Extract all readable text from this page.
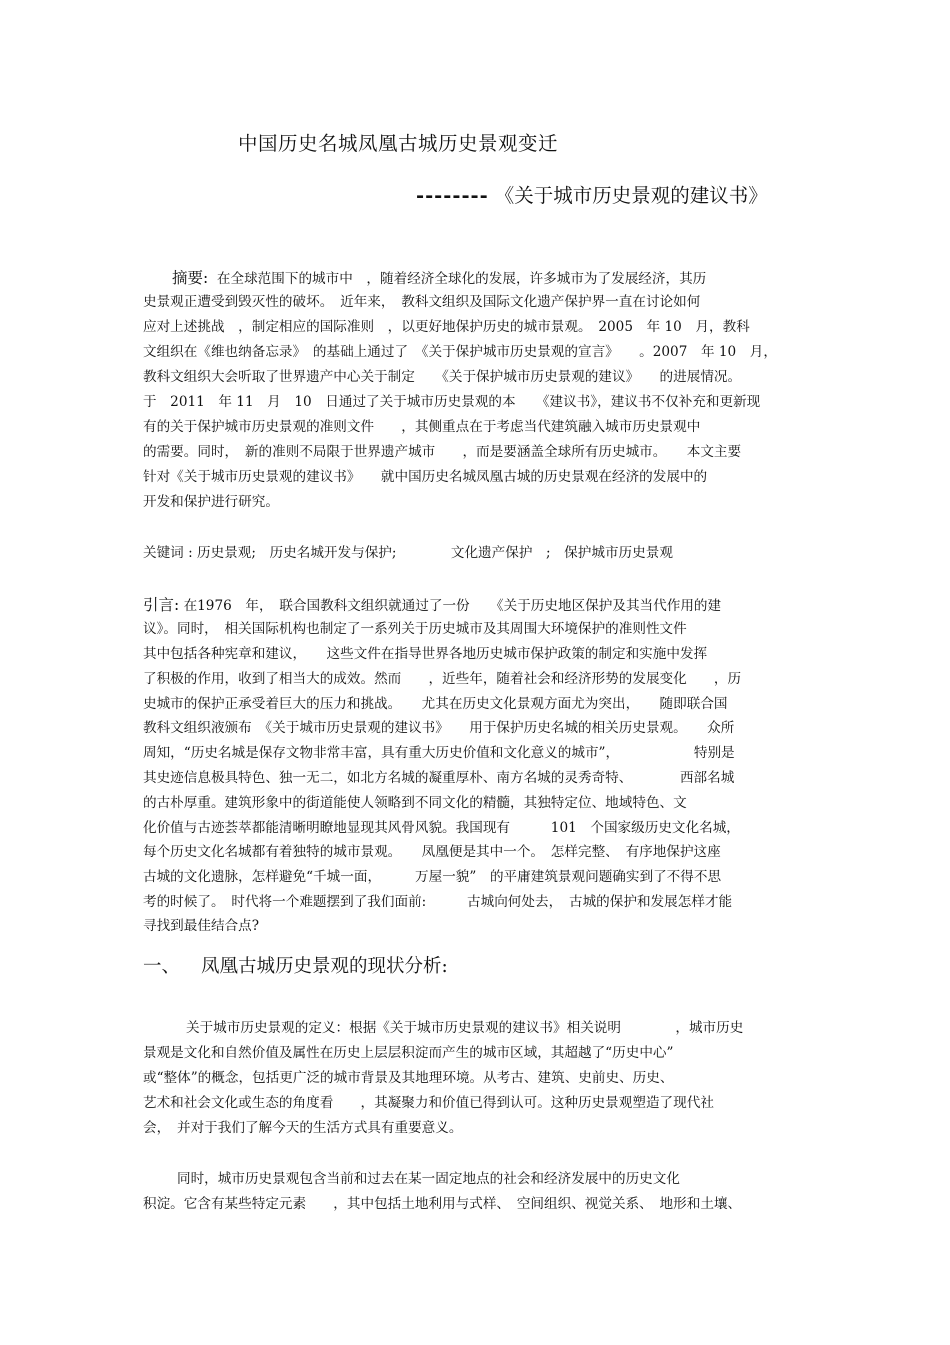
中国历史名城凤凰古城历史景观变迁
-------- 《关于城市历史景观的建议书》
摘要: 在全球范围下的城市中　，随着经济全球化的发展，许多城市为了发展经济，其历
史景观正遭受到毁灭性的破坏。　近年来，　教科文组织及国际文化遗产保护界一直在讨论如何
应对上述挑战　，制定相应的国际准则　，以更好地保护历史的城市景观。　2005　年 10　月，教科
文组织在《维也纳备忘录》　的基础上通过了　《关于保护城市历史景观的宣言》　　。2007　年 10　月，
教科文组织大会听取了世界遗产中心关于制定　　《关于保护城市历史景观的建议》　　的进展情况。
于　2011　年 11　月　10　日通过了关于城市历史景观的本　　《建议书》，建议书不仅补充和更新现
有的关于保护城市历史景观的准则文件　　，其侧重点在于考虑当代建筑融入城市历史景观中
的需要。同时，　新的准则不局限于世界遗产城市　　，而是要涵盖全球所有历史城市。　　本文主要
针对《关于城市历史景观的建议书》　　就中国历史名城凤凰古城的历史景观在经济的发展中的
开发和保护进行研究。
关键词 : 历史景观;　历史名城开发与保护;　　　　文化遗产保护　;　保护城市历史景观
引言: 在1976　年，　联合国教科文组织就通过了一份　　《关于历史地区保护及其当代作用的建
议》。同时，　相关国际机构也制定了一系列关于历史城市及其周围大环境保护的准则性文件
其中包括各种宪章和建议，　　这些文件在指导世界各地历史城市保护政策的制定和实施中发挥
了积极的作用，收到了相当大的成效。然而　　，近些年，随着社会和经济形势的发展变化　　，历
史城市的保护正承受着巨大的压力和挑战。　　尤其在历史文化景观方面尤为突出，　　随即联合国
教科文组织液颁布　《关于城市历史景观的建议书》　　用于保护历史名城的相关历史景观。　　众所
周知，“历史名城是保存文物非常丰富，具有重大历史价值和文化意义的城市”，　　　　　　特别是
其史迹信息极具特色、独一无二，如北方名城的凝重厚朴、南方名城的灵秀奇特、　　　　西部名城
的古朴厚重。建筑形象中的街道能使人领略到不同文化的精髓，其独特定位、地域特色、文
化价值与古迹荟萃都能清晰明瞭地显现其风骨风貌。我国现有　　　101　个国家级历史文化名城，
每个历史文化名城都有着独特的城市景观。　　凤凰便是其中一个。　怎样完整、　有序地保护这座
古城的文化遗脉，怎样避免“千城一面，　　　万屋一貌”　的平庸建筑景观问题确实到了不得不思
考的时候了。　时代将一个难题摆到了我们面前:　　　古城向何处去，　古城的保护和发展怎样才能
寻找到最佳结合点?
一、 凤凰古城历史景观的现状分析:
关于城市历史景观的定义：根据《关于城市历史景观的建议书》相关说明　　　　，城市历史
景观是文化和自然价值及属性在历史上层层积淀而产生的城市区域，其超越了“历史中心”
或“整体”的概念，包括更广泛的城市背景及其地理环境。从考古、建筑、史前史、历史、
艺术和社会文化或生态的角度看　　，其凝聚力和价值已得到认可。这种历史景观塑造了现代社
会，　并对于我们了解今天的生活方式具有重要意义。
同时，城市历史景观包含当前和过去在某一固定地点的社会和经济发展中的历史文化
积淀。它含有某些特定元素　　，其中包括土地利用与式样、　空间组织、视觉关系、　地形和土壤、
